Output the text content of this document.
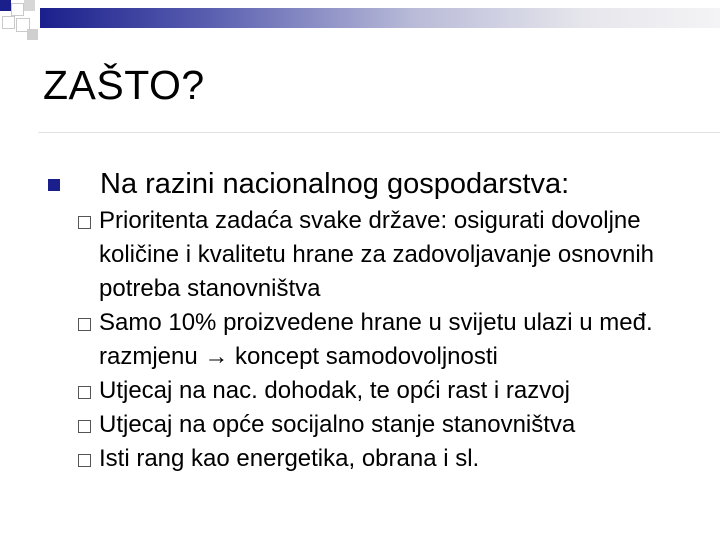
ZAŠTO?
Na razini nacionalnog gospodarstva:
Prioritenta zadaća svake države: osigurati dovoljne količine i kvalitetu hrane za zadovoljavanje osnovnih potreba stanovništva
Samo 10% proizvedene hrane u svijetu ulazi u međ. razmjenu → koncept samodovoljnosti
Utjecaj na nac. dohodak, te opći rast i razvoj
Utjecaj na opće socijalno stanje stanovništva
Isti rang kao energetika, obrana i sl.
